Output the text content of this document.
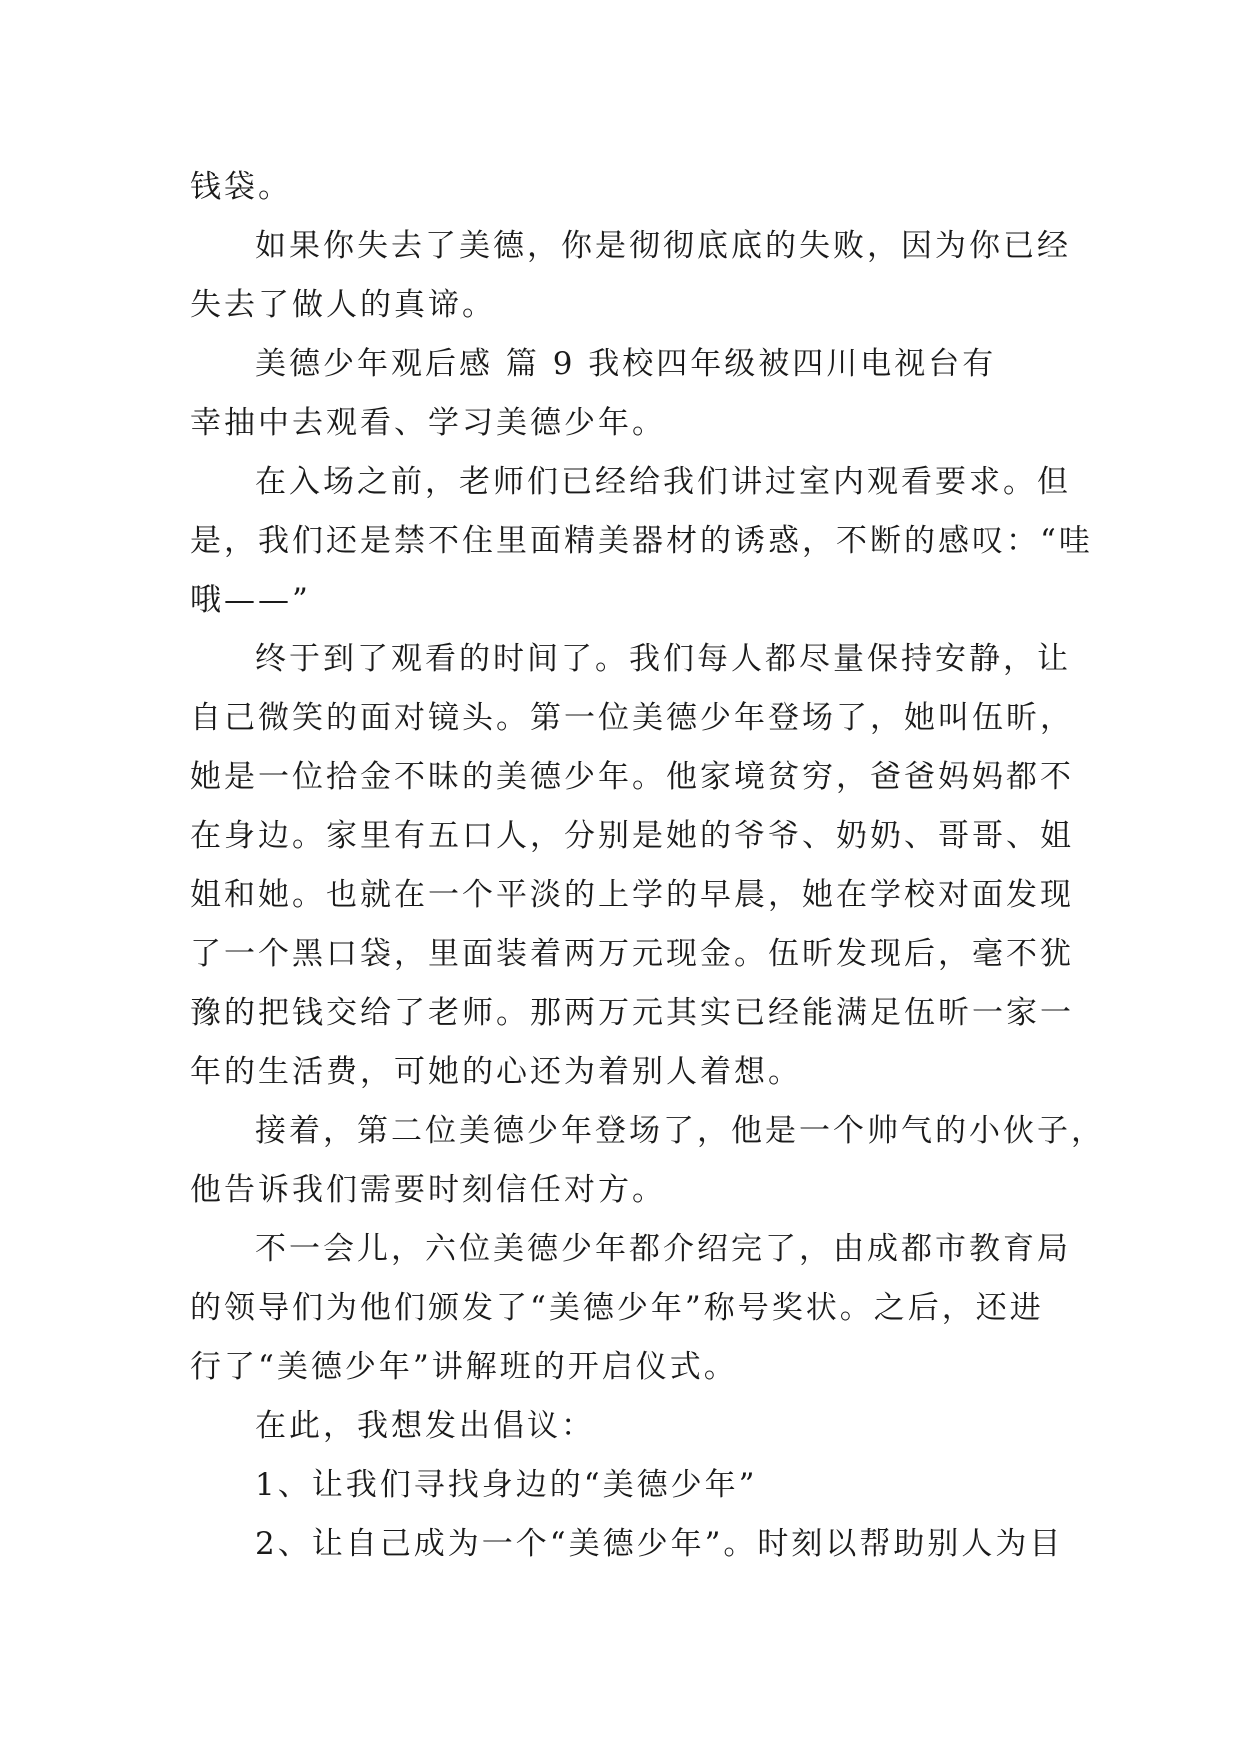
钱袋。
如果你失去了美德，你是彻彻底底的失败，因为你已经
失去了做人的真谛。
美德少年观后感 篇 9 我校四年级被四川电视台有
幸抽中去观看、学习美德少年。
在入场之前，老师们已经给我们讲过室内观看要求。但
是，我们还是禁不住里面精美器材的诱惑，不断的感叹：“哇
哦——”
终于到了观看的时间了。我们每人都尽量保持安静，让
自己微笑的面对镜头。第一位美德少年登场了，她叫伍昕，
她是一位拾金不昧的美德少年。他家境贫穷，爸爸妈妈都不
在身边。家里有五口人，分别是她的爷爷、奶奶、哥哥、姐
姐和她。也就在一个平淡的上学的早晨，她在学校对面发现
了一个黑口袋，里面装着两万元现金。伍昕发现后，毫不犹
豫的把钱交给了老师。那两万元其实已经能满足伍昕一家一
年的生活费，可她的心还为着别人着想。
接着，第二位美德少年登场了，他是一个帅气的小伙子，
他告诉我们需要时刻信任对方。
不一会儿，六位美德少年都介绍完了，由成都市教育局
的领导们为他们颁发了“美德少年”称号奖状。之后，还进
行了“美德少年”讲解班的开启仪式。
在此，我想发出倡议：
1、让我们寻找身边的“美德少年”
2、让自己成为一个“美德少年”。时刻以帮助别人为目
